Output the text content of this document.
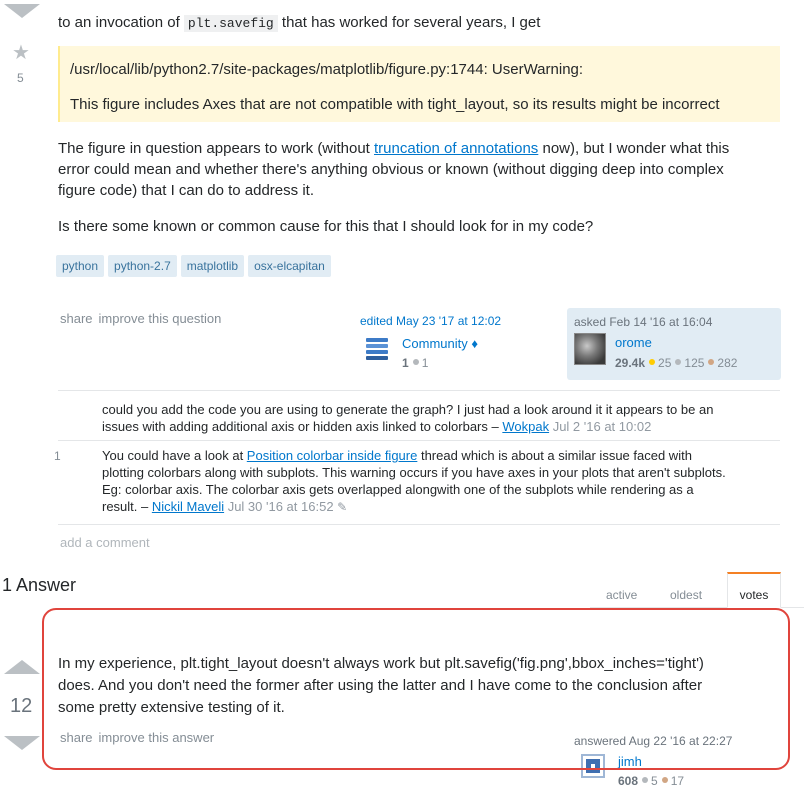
★
5
to an invocation of plt.savefig that has worked for several years, I get

/usr/local/lib/python2.7/site-packages/matplotlib/figure.py:1744: UserWarning:

This figure includes Axes that are not compatible with tight_layout, so its results might be incorrect

The figure in question appears to work (without truncation of annotations now), but I wonder what this
error could mean and whether there's anything obvious or known (without digging deep into complex
figure code) that I can do to address it.
Is there some known or common cause for this that I should look for in my code?
python python-2.7 matplotlib osx-elcapitan
share improve this question	edited May 23 '17 at 12:02
Community ♦
1 1
asked Feb 14 '16 at 16:04
orome
29.4k 25 125 282
could you add the code you are using to generate the graph? I just had a look around it it appears to be an
issues with adding additional axis or hidden axis linked to colorbars – Wokpak Jul 2 '16 at 10:02
1	You could have a look at Position colorbar inside figure thread which is about a similar issue faced with
plotting colorbars along with subplots. This warning occurs if you have axes in your plots that aren't subplots.
Eg: colorbar axis. The colorbar axis gets overlapped alongwith one of the subplots while rendering as a
result. – Nickil Maveli Jul 30 '16 at 16:52 ✎
add a comment
1 Answer	active	oldest	votes
12
In my experience, plt.tight_layout doesn't always work but plt.savefig('fig.png',bbox_inches='tight')
does. And you don't need the former after using the latter and I have come to the conclusion after
some pretty extensive testing of it.
share improve this answer	answered Aug 22 '16 at 22:27
jimh
608 5 17
